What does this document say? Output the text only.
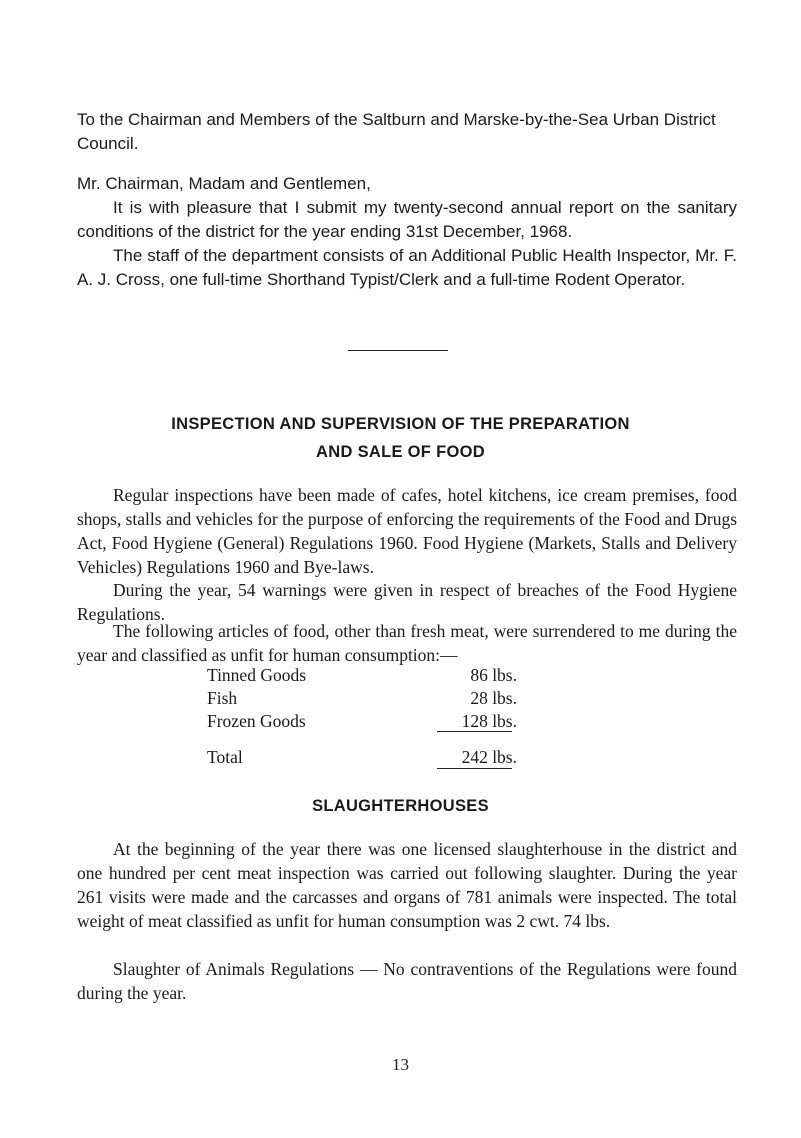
To the Chairman and Members of the Saltburn and Marske-by-the-Sea Urban District Council.

Mr. Chairman, Madam and Gentlemen,

It is with pleasure that I submit my twenty-second annual report on the sanitary conditions of the district for the year ending 31st December, 1968.

The staff of the department consists of an Additional Public Health Inspector, Mr. F. A. J. Cross, one full-time Shorthand Typist/Clerk and a full-time Rodent Operator.

INSPECTION AND SUPERVISION OF THE PREPARATION

AND SALE OF FOOD

Regular inspections have been made of cafes, hotel kitchens, ice cream premises, food shops, stalls and vehicles for the purpose of enforcing the requirements of the Food and Drugs Act, Food Hygiene (General) Regulations 1960. Food Hygiene (Markets, Stalls and Delivery Vehicles) Regulations 1960 and Bye-laws.

During the year, 54 warnings were given in respect of breaches of the Food Hygiene Regulations.

The following articles of food, other than fresh meat, were surrendered to me during the year and classified as unfit for human consumption:—

Tinned Goods	86 lbs.
Fish	28 lbs.
Frozen Goods	128 lbs.
Total	242 lbs.

SLAUGHTERHOUSES

At the beginning of the year there was one licensed slaughterhouse in the district and one hundred per cent meat inspection was carried out following slaughter. During the year 261 visits were made and the carcasses and organs of 781 animals were inspected. The total weight of meat classified as unfit for human consumption was 2 cwt. 74 lbs.

Slaughter of Animals Regulations — No contraventions of the Regulations were found during the year.

13
